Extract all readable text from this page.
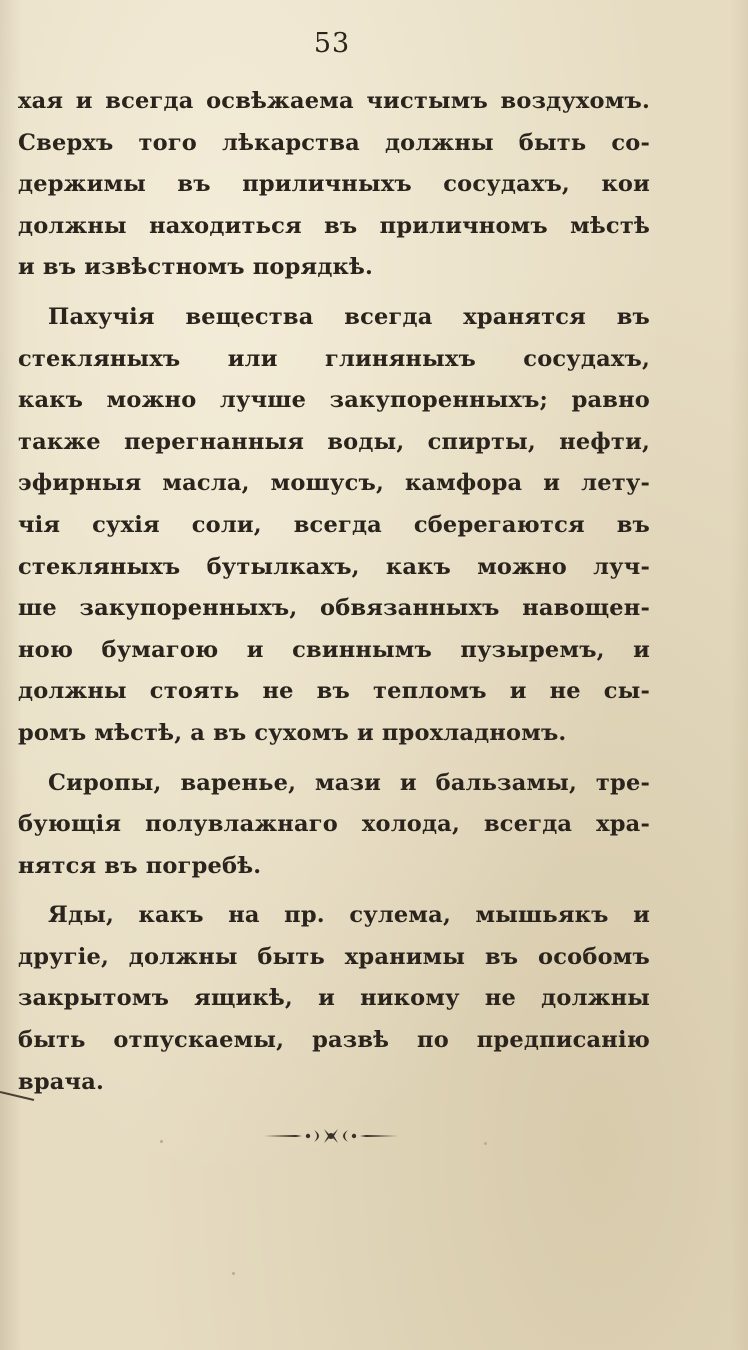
53
хая и всегда освѣжаема чистымъ воздухомъ.
Сверхъ того лѣкарства должны быть со-
держимы въ приличныхъ сосудахъ, кои
должны находиться въ приличномъ мѣстѣ
и въ извѣстномъ порядкѣ.
Пахучія вещества всегда хранятся въ
стекляныхъ или глиняныхъ сосудахъ,
какъ можно лучше закупоренныхъ; равно
также перегнанныя воды, спирты, нефти,
эфирныя масла, мошусъ, камфора и лету-
чія сухія соли, всегда сберегаются въ
стекляныхъ бутылкахъ, какъ можно луч-
ше закупоренныхъ, обвязанныхъ навощен-
ною бумагою и свиннымъ пузыремъ, и
должны стоять не въ тепломъ и не сы-
ромъ мѣстѣ, а въ сухомъ и прохладномъ.
Сиропы, варенье, мази и бальзамы, тре-
бующія полувлажнаго холода, всегда хра-
нятся въ погребѣ.
Яды, какъ на пр. сулема, мышьякъ и
другіе, должны быть хранимы въ особомъ
закрытомъ ящикѣ, и никому не должны
быть отпускаемы, развѣ по предписанію
врача.
